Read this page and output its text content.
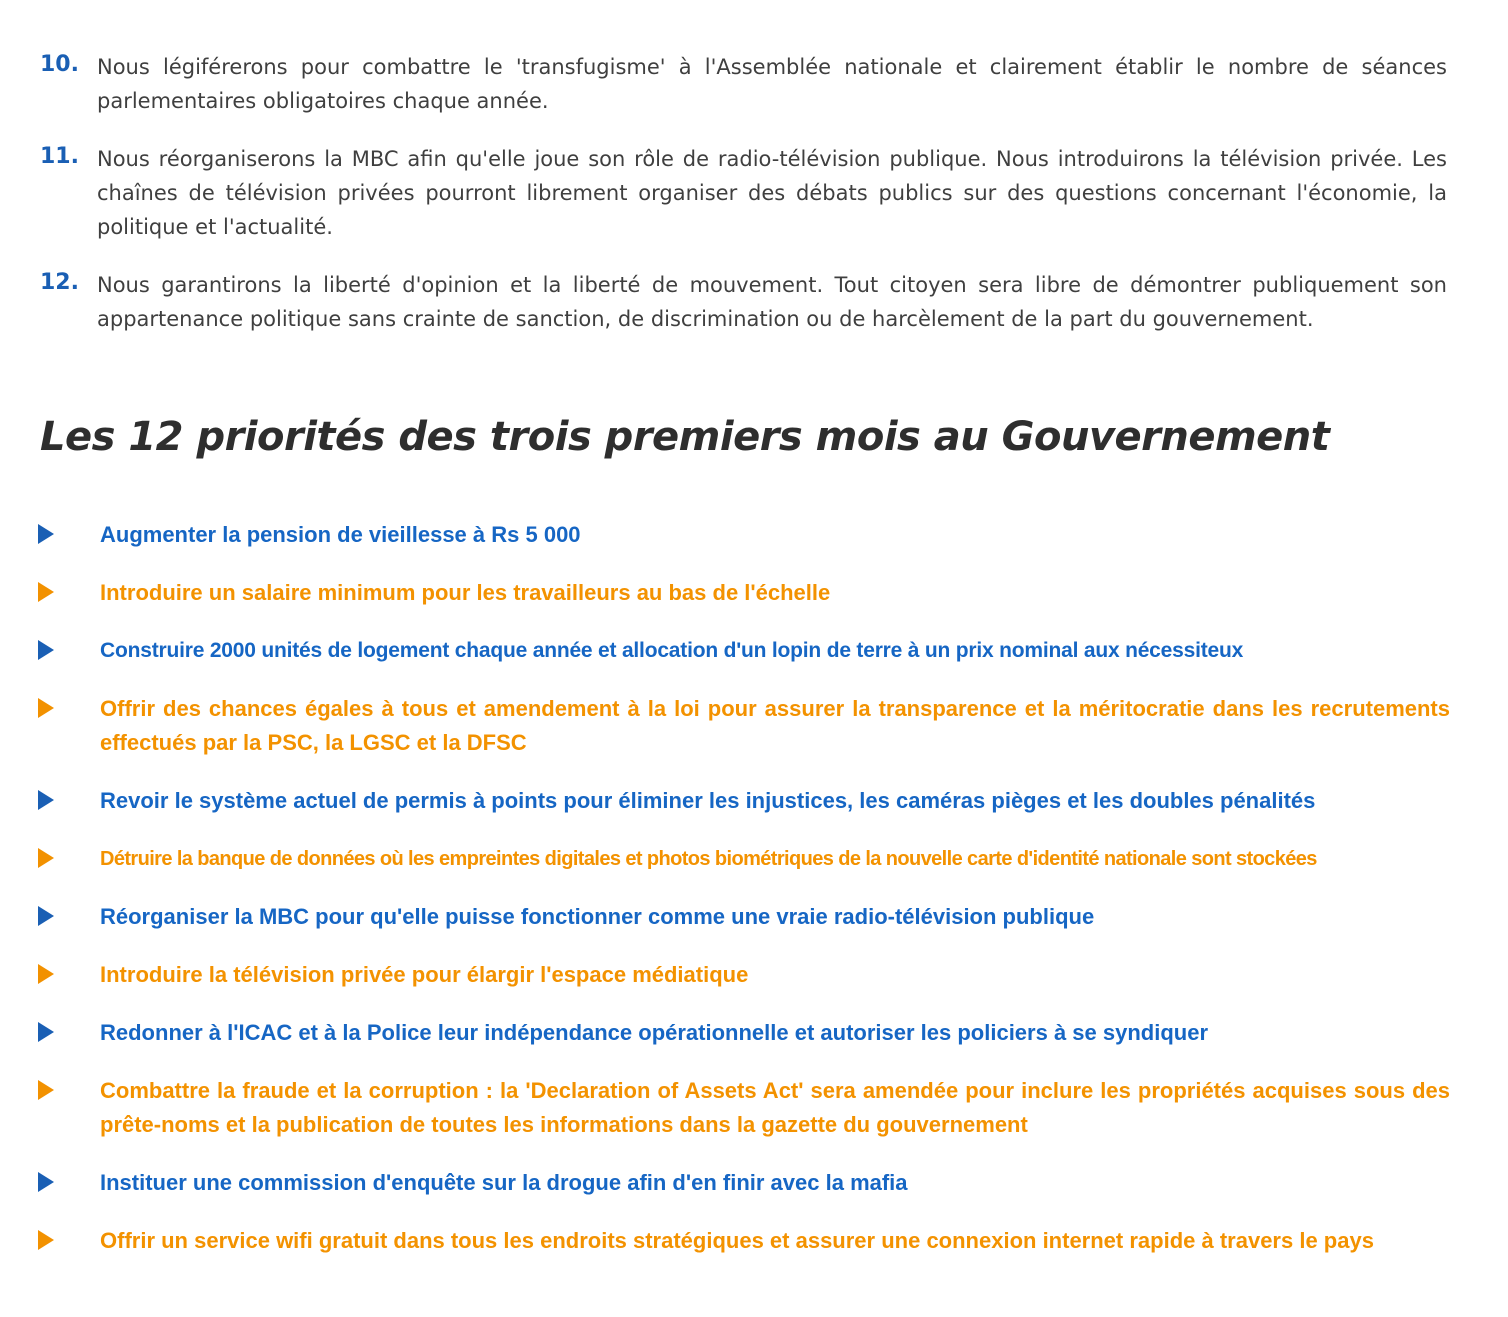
10. Nous légiférerons pour combattre le 'transfugisme' à l'Assemblée nationale et clairement établir le nombre de séances parlementaires obligatoires chaque année.
11. Nous réorganiserons la MBC afin qu'elle joue son rôle de radio-télévision publique. Nous introduirons la télévision privée. Les chaînes de télévision privées pourront librement organiser des débats publics sur des questions concernant l'économie, la politique et l'actualité.
12. Nous garantirons la liberté d'opinion et la liberté de mouvement. Tout citoyen sera libre de démontrer publiquement son appartenance politique sans crainte de sanction, de discrimination ou de harcèlement de la part du gouvernement.
Les 12 priorités des trois premiers mois au Gouvernement
Augmenter la pension de vieillesse à Rs 5 000
Introduire un salaire minimum pour les travailleurs au bas de l'échelle
Construire 2000 unités de logement chaque année et allocation d'un lopin de terre à un prix nominal aux nécessiteux
Offrir des chances égales à tous et amendement à la loi pour assurer la transparence et la méritocratie dans les recrutements effectués par la PSC, la LGSC et la DFSC
Revoir le système actuel de permis à points pour éliminer les injustices, les caméras pièges et les doubles pénalités
Détruire la banque de données où les empreintes digitales et photos biométriques de la nouvelle carte d'identité nationale sont stockées
Réorganiser la MBC pour qu'elle puisse fonctionner comme une vraie radio-télévision publique
Introduire la télévision privée pour élargir l'espace médiatique
Redonner à l'ICAC et à la Police leur indépendance opérationnelle et autoriser les policiers à se syndiquer
Combattre la fraude et la corruption : la 'Declaration of Assets Act' sera amendée pour inclure les propriétés acquises sous des prête-noms et la publication de toutes les informations dans la gazette du gouvernement
Instituer une commission d'enquête sur la drogue afin d'en finir avec la mafia
Offrir un service wifi gratuit dans tous les endroits stratégiques et assurer une connexion internet rapide à travers le pays
